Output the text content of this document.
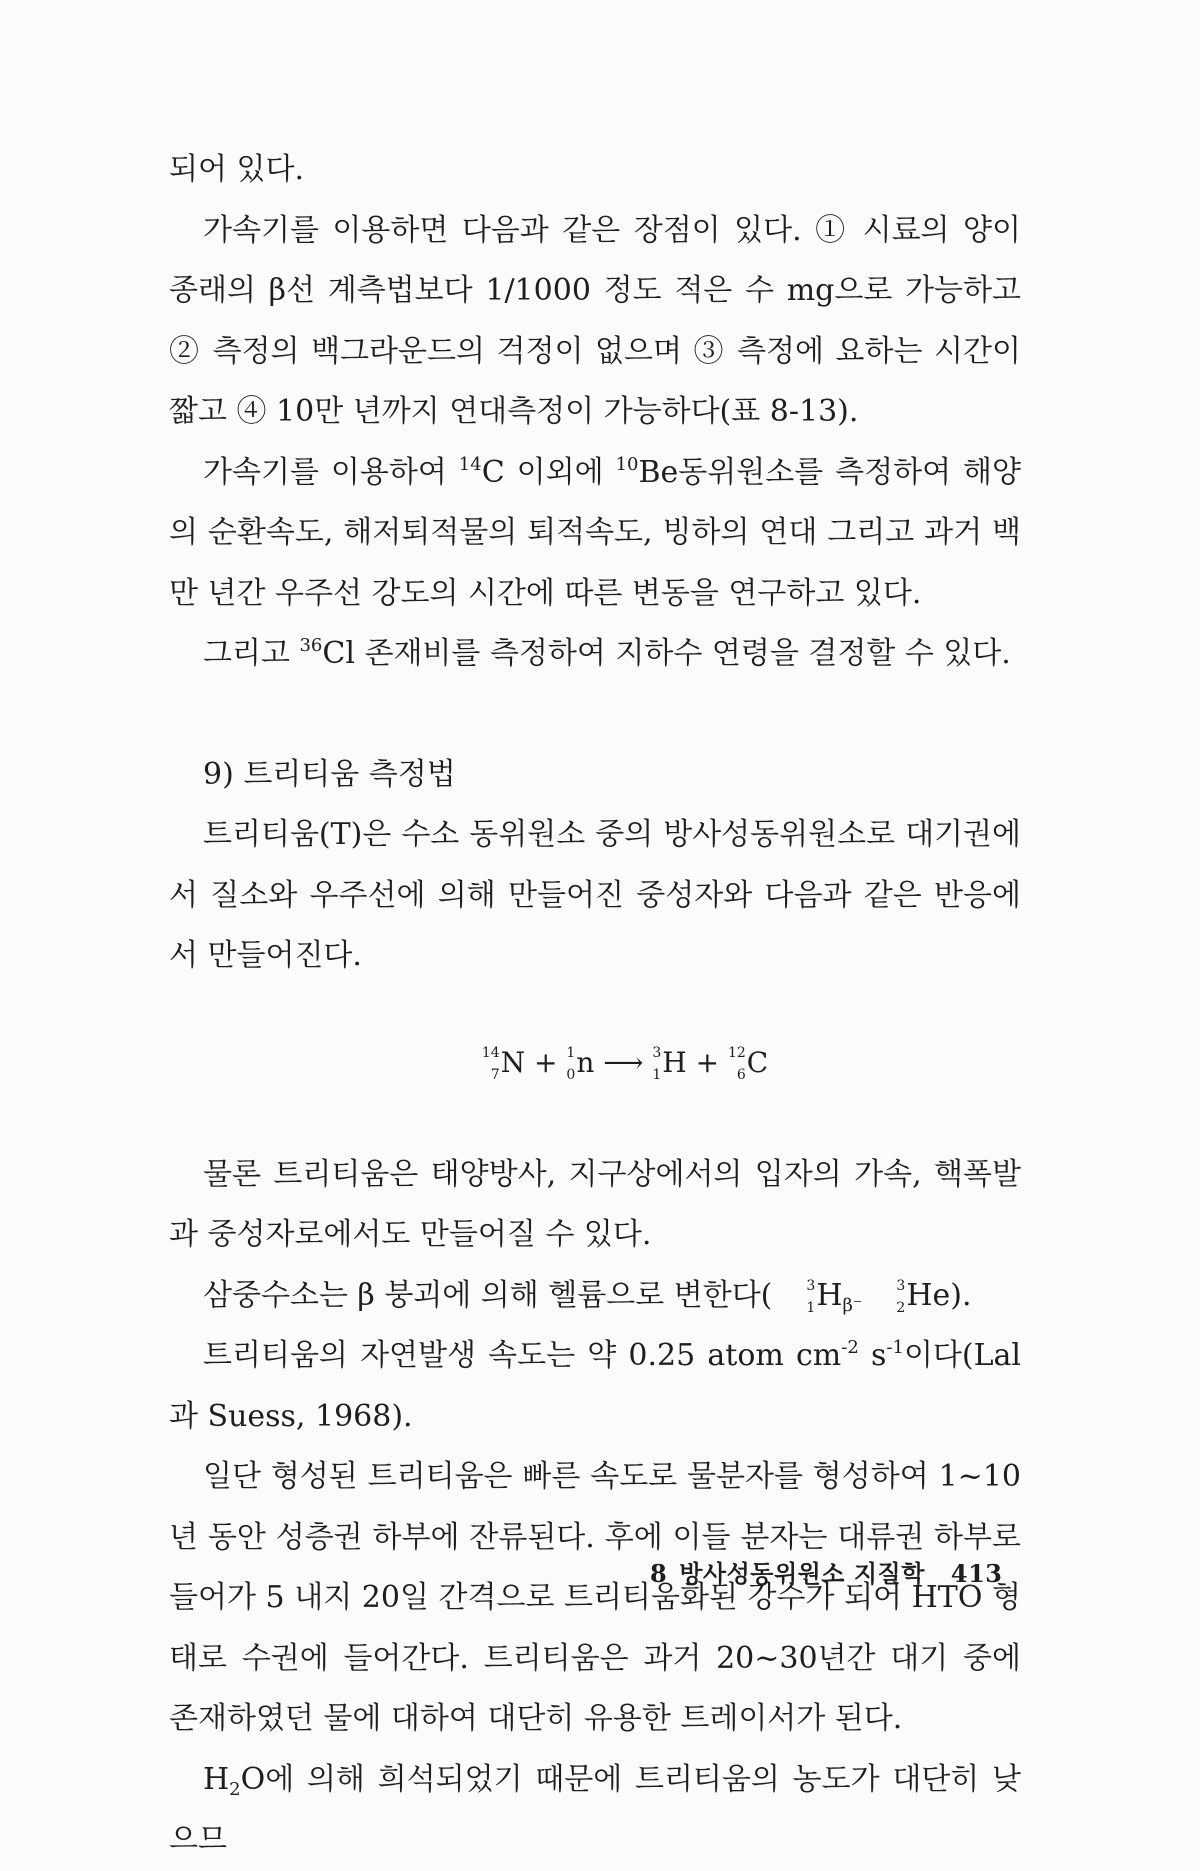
되어 있다.

가속기를 이용하면 다음과 같은 장점이 있다. ① 시료의 양이 종래의 β선 계측법보다 1/1000 정도 적은 수 mg으로 가능하고 ② 측정의 백그라운드의 걱정이 없으며 ③ 측정에 요하는 시간이 짧고 ④ 10만 년까지 연대측정이 가능하다(표 8-13).

가속기를 이용하여 $^{14}$C 이외에 $^{10}$Be동위원소를 측정하여 해양의 순환속도, 해저퇴적물의 퇴적속도, 빙하의 연대 그리고 과거 백만 년간 우주선 강도의 시간에 따른 변동을 연구하고 있다.

그리고 $^{36}$Cl 존재비를 측정하여 지하수 연령을 결정할 수 있다.

9) 트리티움 측정법

트리티움(T)은 수소 동위원소 중의 방사성동위원소로 대기권에서 질소와 우주선에 의해 만들어진 중성자와 다음과 같은 반응에서 만들어진다.

14
7 N + 1
0 n ⟶ 3
1 H + 12
6 C

물론 트리티움은 태양방사, 지구상에서의 입자의 가속, 핵폭발과 중성자로에서도 만들어질 수 있다.

삼중수소는 β 붕괴에 의해 헬륨으로 변한다(	3
1 $H_{\beta^-}$
3
2 He).

트리티움의 자연발생 속도는 약 0.25 atom $cm^{-2}$ $s^{-1}$이다(Lal과 Suess, 1968).

일단 형성된 트리티움은 빠른 속도로 물분자를 형성하여 1~10년 동안 성층권 하부에 잔류된다. 후에 이들 분자는 대류권 하부로 들어가 5 내지 20일 간격으로 트리티움화된 강수가 되어 HTO 형태로 수권에 들어간다. 트리티움은 과거 20~30년간 대기 중에 존재하였던 물에 대하여 대단히 유용한 트레이서가 된다.

$H_2O$에 의해 희석되었기 때문에 트리티움의 농도가 대단히 낮으므

8 방사성동위원소 지질학 413
